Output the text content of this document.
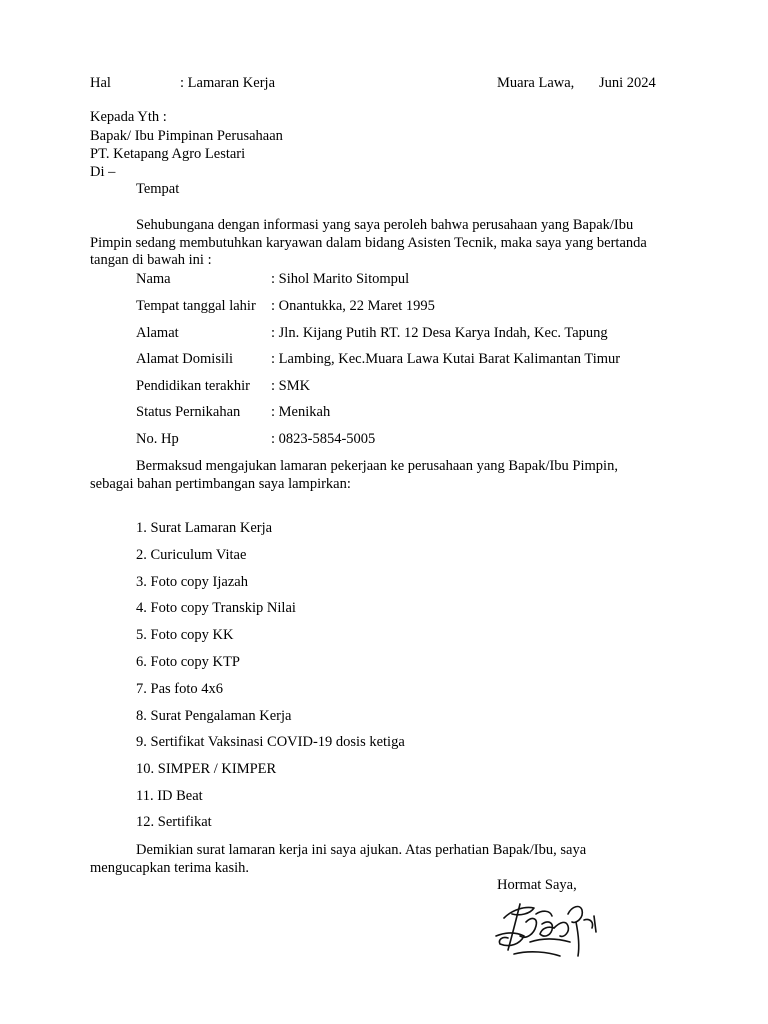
Hal	: Lamaran Kerja	Muara Lawa, Juni 2024
Kepada Yth :
Bapak/ Ibu Pimpinan Perusahaan
PT. Ketapang Agro Lestari
Di –
Tempat
Sehubungana dengan informasi yang saya peroleh bahwa perusahaan yang Bapak/Ibu
Pimpin sedang membutuhkan karyawan dalam bidang Asisten Tecnik, maka saya yang bertanda
tangan di bawah ini :
Nama	: Sihol Marito Sitompul
Tempat tanggal lahir : Onantukka, 22 Maret 1995
Alamat	: Jln. Kijang Putih RT. 12 Desa Karya Indah, Kec. Tapung
Alamat Domisili	: Lambing, Kec.Muara Lawa Kutai Barat Kalimantan Timur
Pendidikan terakhir : SMK
Status Pernikahan : Menikah
No. Hp	: 0823-5854-5005
Bermaksud mengajukan lamaran pekerjaan ke perusahaan yang Bapak/Ibu Pimpin,
sebagai bahan pertimbangan saya lampirkan:
1. Surat Lamaran Kerja
2. Curiculum Vitae
3. Foto copy Ijazah
4. Foto copy Transkip Nilai
5. Foto copy KK
6. Foto copy KTP
7. Pas foto 4x6
8. Surat Pengalaman Kerja
9. Sertifikat Vaksinasi COVID-19 dosis ketiga
10. SIMPER / KIMPER
11. ID Beat
12. Sertifikat
Demikian surat lamaran kerja ini saya ajukan. Atas perhatian Bapak/Ibu, saya
mengucapkan terima kasih.
Hormat Saya,
